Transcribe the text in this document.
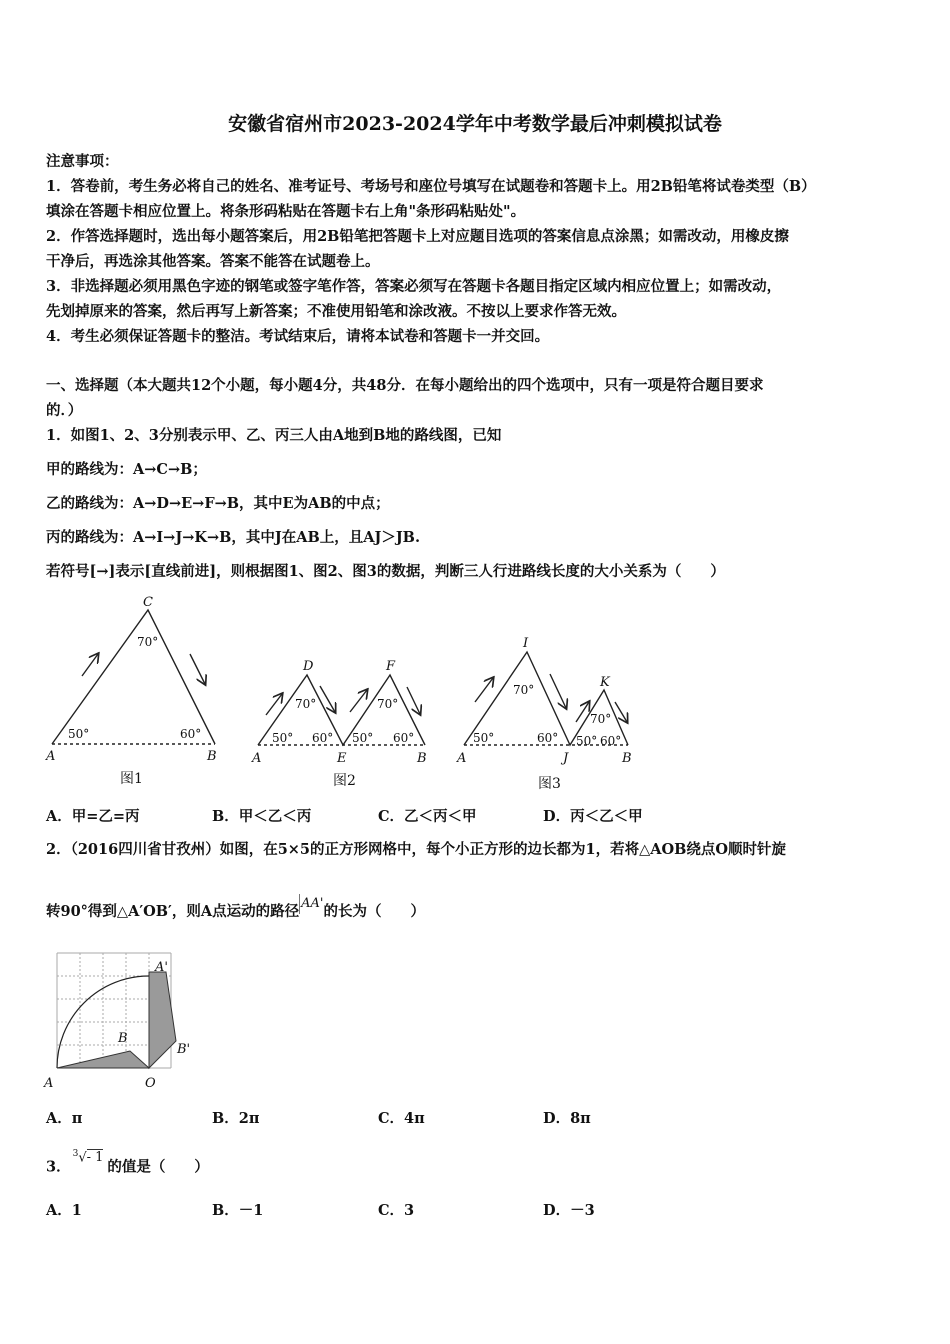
安徽省宿州市2023-2024学年中考数学最后冲刺模拟试卷
注意事项：
1．答卷前，考生务必将自己的姓名、准考证号、考场号和座位号填写在试题卷和答题卡上。用2B铅笔将试卷类型（B）
填涂在答题卡相应位置上。将条形码粘贴在答题卡右上角"条形码粘贴处"。
2．作答选择题时，选出每小题答案后，用2B铅笔把答题卡上对应题目选项的答案信息点涂黑；如需改动，用橡皮擦
干净后，再选涂其他答案。答案不能答在试题卷上。
3．非选择题必须用黑色字迹的钢笔或签字笔作答，答案必须写在答题卡各题目指定区域内相应位置上；如需改动，
先划掉原来的答案，然后再写上新答案；不准使用铅笔和涂改液。不按以上要求作答无效。
4．考生必须保证答题卡的整洁。考试结束后，请将本试卷和答题卡一并交回。
一、选择题（本大题共12个小题，每小题4分，共48分．在每小题给出的四个选项中，只有一项是符合题目要求
的．）
1．如图1、2、3分别表示甲、乙、丙三人由A地到B地的路线图，已知
甲的路线为：A→C→B；
乙的路线为：A→D→E→F→B，其中E为AB的中点；
丙的路线为：A→I→J→K→B，其中J在AB上，且AJ＞JB.
若符号[→]表示[直线前进]，则根据图1、图2、图3的数据，判断三人行进路线长度的大小关系为（　　）
A	B
C
A
D
E
F
B A
I
J
K
B
50°	60°
70°
50°
70°
60° 50°
70°
60°	50°
70°
60° 50°
70°
60°
图1	图2	图3
A．甲=乙=丙	B．甲＜乙＜丙	C．乙＜丙＜甲	D．丙＜乙＜甲
2．（2016四川省甘孜州）如图，在5×5的正方形网格中，每个小正方形的边长都为1，若将△AOB绕点O顺时针旋
转90°得到△A′OB′，则A点运动的路径 AA'的长为（　　）
A	O
B
A'
B'
A．π	B．2π	C．4π	D．8π
3．$^3$√- 1的值是（　　）
A．1	B．－1	C．3	D．－3
